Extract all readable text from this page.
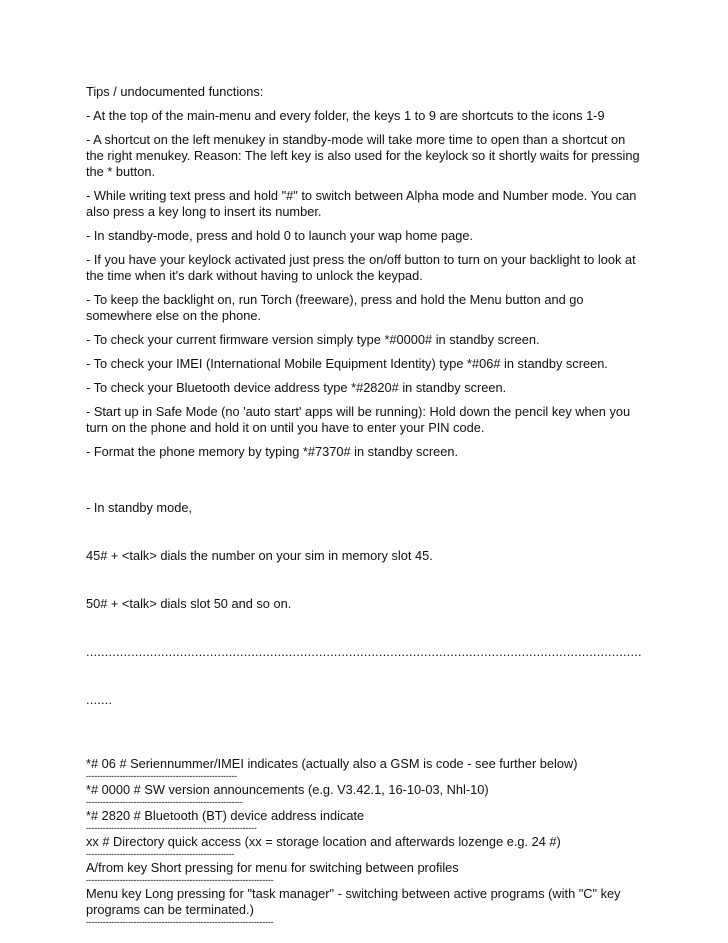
Tips / undocumented functions:

- At the top of the main-menu and every folder, the keys 1 to 9 are shortcuts to the icons 1-9

- A shortcut on the left menukey in standby-mode will take more time to open than a shortcut on the right menukey. Reason: The left key is also used for the keylock so it shortly waits for pressing the * button.

- While writing text press and hold "#" to switch between Alpha mode and Number mode. You can also press a key long to insert its number.

- In standby-mode, press and hold 0 to launch your wap home page.

- If you have your keylock activated just press the on/off button to turn on your backlight to look at the time when it's dark without having to unlock the keypad.

- To keep the backlight on, run Torch (freeware), press and hold the Menu button and go somewhere else on the phone.

- To check your current firmware version simply type *#0000# in standby screen.

- To check your IMEI (International Mobile Equipment Identity) type *#06# in standby screen.

- To check your Bluetooth device address type *#2820# in standby screen.

- Start up in Safe Mode (no 'auto start' apps will be running): Hold down the pencil key when you turn on the phone and hold it on until you have to enter your PIN code.

- Format the phone memory by typing *#7370# in standby screen.

- In standby mode,

45# + <talk> dials the number on your sim in memory slot 45.

50# + <talk> dials slot 50 and so on.

....................................................................................................................................................

.......

*# 06 # Seriennummer/IMEI indicates (actually also a GSM is code - see further below)
------------------------------------------------------
*# 0000 # SW version announcements (e.g. V3.42.1, 16-10-03, Nhl-10)
--------------------------------------------------------
*# 2820 # Bluetooth (BT) device address indicate
-------------------------------------------------------------
xx # Directory quick access (xx = storage location and afterwards lozenge e.g. 24 #)
-----------------------------------------------------
A/from key Short pressing for menu for switching between profiles
-------------------------------------------------------------------
Menu key Long pressing for "task manager" - switching between active programs (with "C" key programs can be terminated.)
-------------------------------------------------------------------
